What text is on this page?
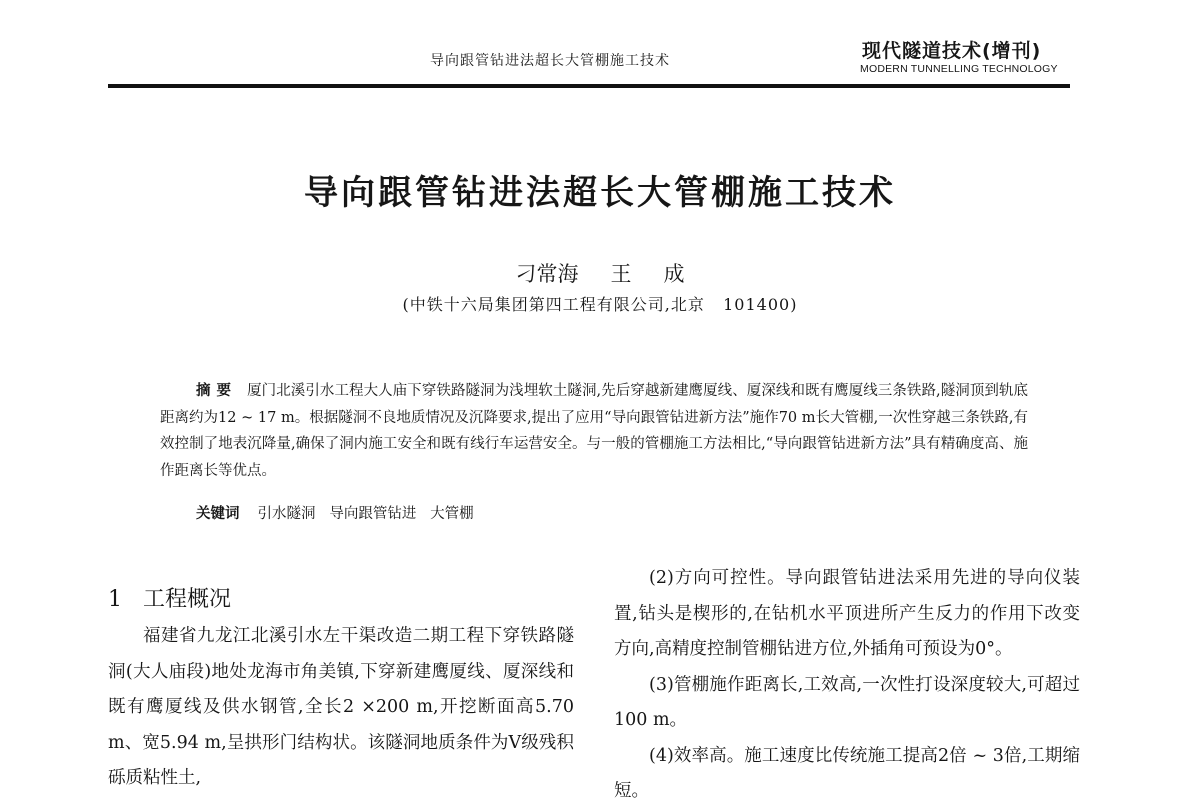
导向跟管钻进法超长大管棚施工技术	现代隧道技术(增刊)
MODERN TUNNELLING TECHNOLOGY
导向跟管钻进法超长大管棚施工技术
刁常海   王   成
(中铁十六局集团第四工程有限公司,北京   101400)
摘要 厦门北溪引水工程大人庙下穿铁路隧洞为浅埋软土隧洞,先后穿越新建鹰厦线、厦深线和既有鹰厦线三条铁路,隧洞顶到轨底距离约为12 ~ 17 m。根据隧洞不良地质情况及沉降要求,提出了应用“导向跟管钻进新方法”施作70 m长大管棚,一次性穿越三条铁路,有效控制了地表沉降量,确保了洞内施工安全和既有线行车运营安全。与一般的管棚施工方法相比,“导向跟管钻进新方法”具有精确度高、施作距离长等优点。
关键词 引水隧洞   导向跟管钻进   大管棚
1   工程概况

福建省九龙江北溪引水左干渠改造二期工程下穿铁路隧洞(大人庙段)地处龙海市角美镇,下穿新建鹰厦线、厦深线和既有鹰厦线及供水钢管,全长2 ×200 m,开挖断面高5.70 m、宽5.94 m,呈拱形门结构状。该隧洞地质条件为Ⅴ级残积砾质粘性土,

(2)方向可控性。导向跟管钻进法采用先进的导向仪装置,钻头是楔形的,在钻机水平顶进所产生反力的作用下改变方向,高精度控制管棚钻进方位,外插角可预设为0°。

(3)管棚施作距离长,工效高,一次性打设深度较大,可超过100 m。

(4)效率高。施工速度比传统施工提高2倍 ~ 3倍,工期缩短。
